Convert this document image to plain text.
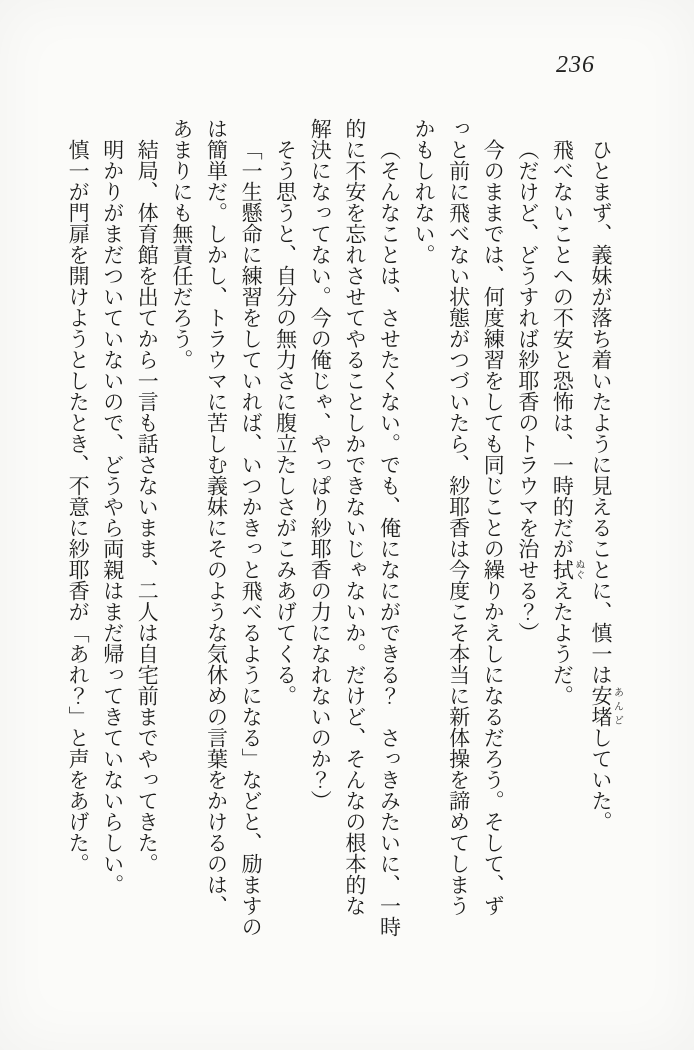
236
ひとまず、義妹が落ち着いたように見えることに、慎一は安堵あんどしていた。
飛べないことへの不安と恐怖は、一時的だが拭ぬぐえたようだ。
（だけど、どうすれば紗耶香のトラウマを治せる？）
今のままでは、何度練習をしても同じことの繰りかえしになるだろう。そして、ず
っと前に飛べない状態がつづいたら、紗耶香は今度こそ本当に新体操を諦めてしまう
かもしれない。
（そんなことは、させたくない。でも、俺になにができる？　さっきみたいに、一時
的に不安を忘れさせてやることしかできないじゃないか。だけど、そんなの根本的な
解決になってない。今の俺じゃ、やっぱり紗耶香の力になれないのか？）
そう思うと、自分の無力さに腹立たしさがこみあげてくる。
「一生懸命に練習をしていれば、いつかきっと飛べるようになる」などと、励ますの
は簡単だ。しかし、トラウマに苦しむ義妹にそのような気休めの言葉をかけるのは、
あまりにも無責任だろう。
結局、体育館を出てから一言も話さないまま、二人は自宅前までやってきた。
明かりがまだついていないので、どうやら両親はまだ帰ってきていないらしい。
慎一が門扉を開けようとしたとき、不意に紗耶香が「あれ？」と声をあげた。
